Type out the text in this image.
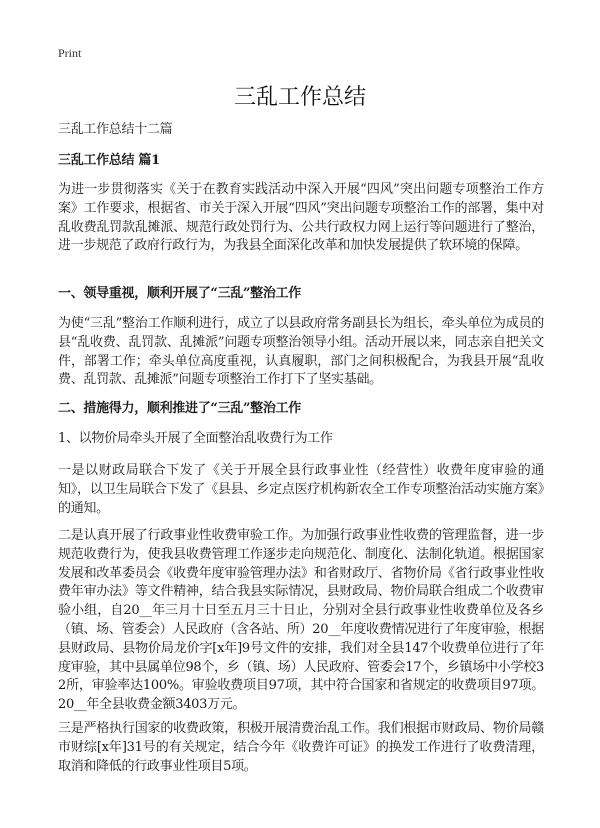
Print
三乱工作总结
三乱工作总结十二篇
三乱工作总结 篇1
为进一步贯彻落实《关于在教育实践活动中深入开展“四风”突出问题专项整治工作方案》工作要求，根据省、市关于深入开展“四风”突出问题专项整治工作的部署，集中对乱收费乱罚款乱摊派、规范行政处罚行为、公共行政权力网上运行等问题进行了整治，进一步规范了政府行政行为，为我县全面深化改革和加快发展提供了软环境的保障。
一、领导重视，顺利开展了“三乱”整治工作
为使“三乱”整治工作顺利进行，成立了以县政府常务副县长为组长，牵头单位为成员的县“乱收费、乱罚款、乱摊派”问题专项整治领导小组。活动开展以来，同志亲自把关文件，部署工作；牵头单位高度重视，认真履职，部门之间积极配合，为我县开展“乱收费、乱罚款、乱摊派”问题专项整治工作打下了坚实基础。
二、措施得力，顺利推进了“三乱”整治工作
1、以物价局牵头开展了全面整治乱收费行为工作
一是以财政局联合下发了《关于开展全县行政事业性（经营性）收费年度审验的通知》，以卫生局联合下发了《县县、乡定点医疗机构新农全工作专项整治活动实施方案》的通知。
二是认真开展了行政事业性收费审验工作。为加强行政事业性收费的管理监督，进一步规范收费行为，使我县收费管理工作逐步走向规范化、制度化、法制化轨道。根据国家发展和改革委员会《收费年度审验管理办法》和省财政厅、省物价局《省行政事业性收费年审办法》等文件精神，结合我县实际情况，县财政局、物价局联合组成二个收费审验小组，自20__年三月十日至五月三十日止，分别对全县行政事业性收费单位及各乡（镇、场、管委会）人民政府（含各站、所）20__年度收费情况进行了年度审验，根据县财政局、县物价局龙价字[x年]9号文件的安排，我们对全县147个收费单位进行了年度审验，其中县属单位98个，乡（镇、场）人民政府、管委会17个，乡镇场中小学校32所，审验率达100%。审验收费项目97项，其中符合国家和省规定的收费项目97项。20__年全县收费金额3403万元。
三是严格执行国家的收费政策，积极开展清费治乱工作。我们根据市财政局、物价局赣市财综[x年]31号的有关规定，结合今年《收费许可证》的换发工作进行了收费清理，取消和降低的行政事业性项目5项。
